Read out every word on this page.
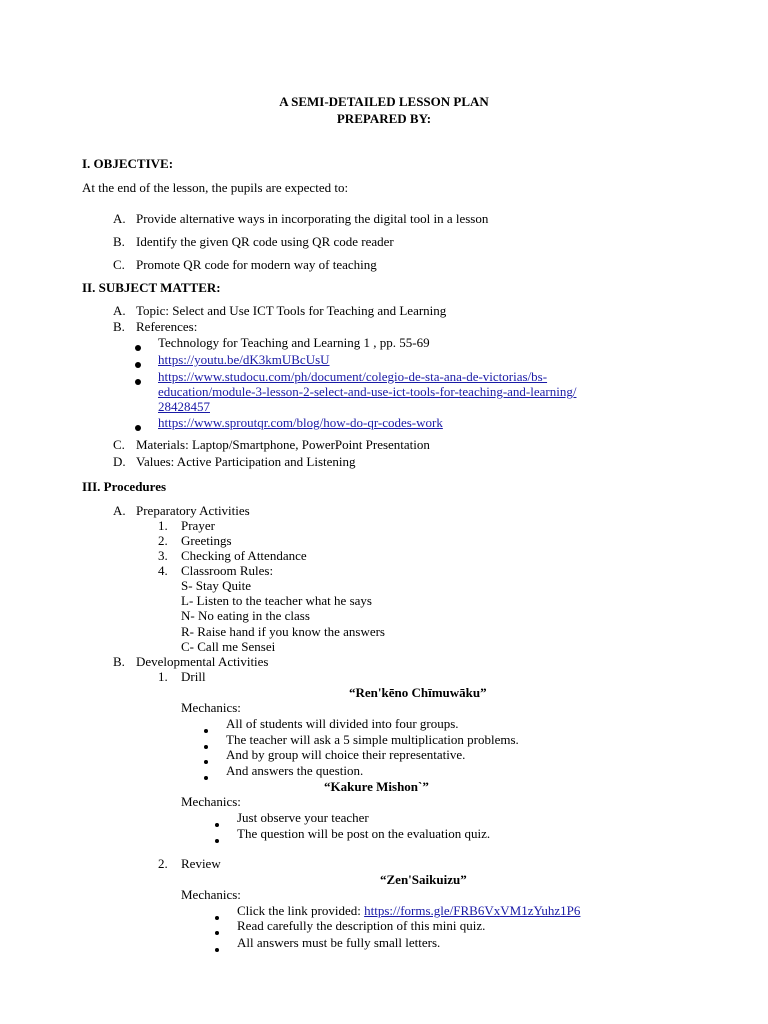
A SEMI-DETAILED LESSON PLAN
PREPARED BY:
I. OBJECTIVE:
At the end of the lesson, the pupils are expected to:
A. Provide alternative ways in incorporating the digital tool in a lesson
B. Identify the given QR code using QR code reader
C. Promote QR code for modern way of teaching
II. SUBJECT MATTER:
A. Topic: Select and Use ICT Tools for Teaching and Learning
B. References:
Technology for Teaching and Learning 1 , pp. 55-69
https://youtu.be/dK3kmUBcUsU
https://www.studocu.com/ph/document/colegio-de-sta-ana-de-victorias/bs-
education/module-3-lesson-2-select-and-use-ict-tools-for-teaching-and-learning/
28428457
https://www.sproutqr.com/blog/how-do-qr-codes-work
C. Materials: Laptop/Smartphone, PowerPoint Presentation
D. Values: Active Participation and Listening
III. Procedures
A. Preparatory Activities
1. Prayer
2. Greetings
3. Checking of Attendance
4. Classroom Rules:
S- Stay Quite
L- Listen to the teacher what he says
N- No eating in the class
R- Raise hand if you know the answers
C- Call me Sensei
B. Developmental Activities
1. Drill
“Ren'kēno Chīmuwāku”
Mechanics:
All of students will divided into four groups.
The teacher will ask a 5 simple multiplication problems.
And by group will choice their representative.
And answers the question.
“Kakure Mishon`”
Mechanics:
Just observe your teacher
The question will be post on the evaluation quiz.
2. Review
“Zen'Saikuizu”
Mechanics:
Click the link provided: https://forms.gle/FRB6VxVM1zYuhz1P6
Read carefully the description of this mini quiz.
All answers must be fully small letters.
